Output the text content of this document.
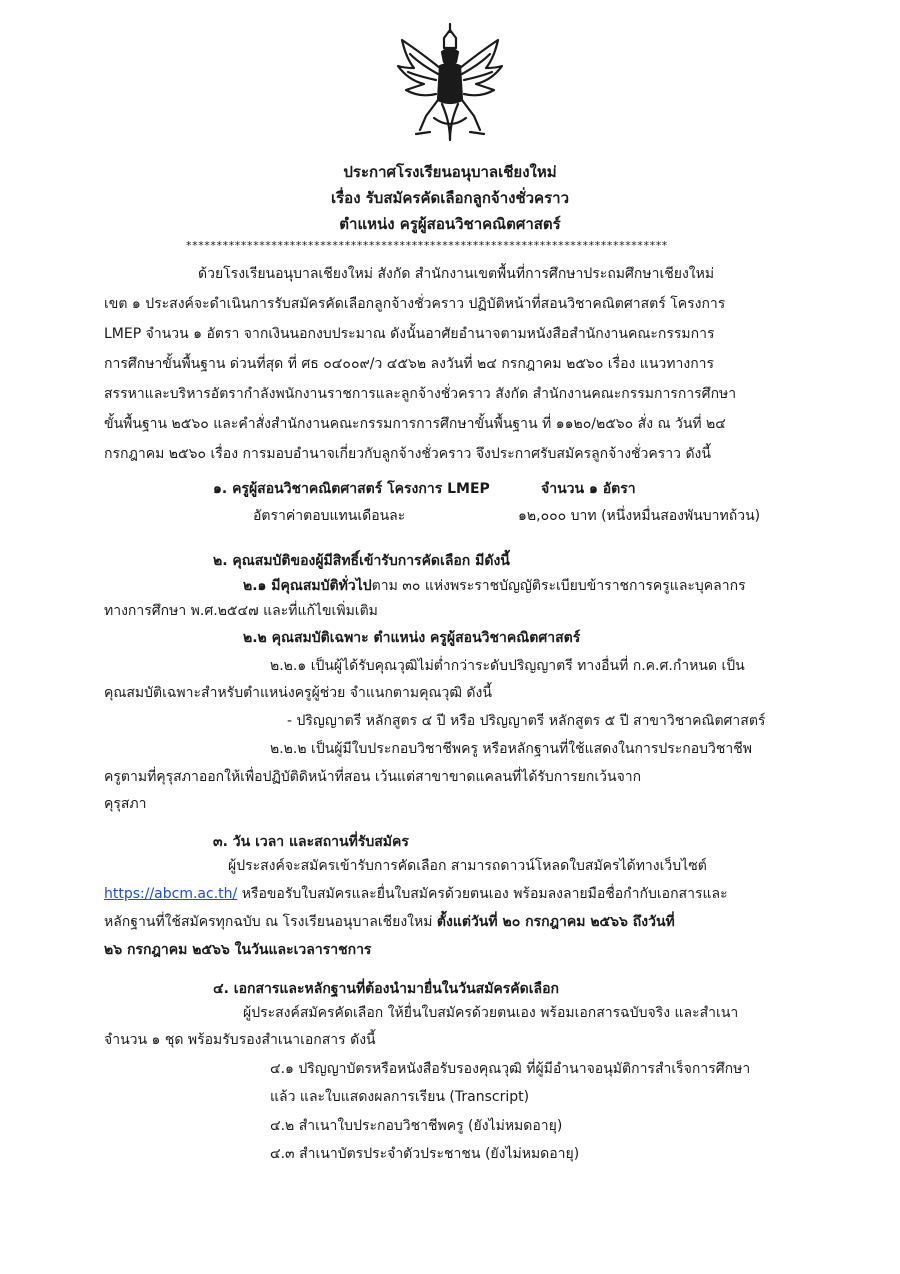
ประกาศโรงเรียนอนุบาลเชียงใหม่
เรื่อง รับสมัครคัดเลือกลูกจ้างชั่วคราว
ตำแหน่ง ครูผู้สอนวิชาคณิตศาสตร์
*******************************************************************************
ด้วยโรงเรียนอนุบาลเชียงใหม่ สังกัด สำนักงานเขตพื้นที่การศึกษาประถมศึกษาเชียงใหม่
เขต ๑ ประสงค์จะดำเนินการรับสมัครคัดเลือกลูกจ้างชั่วคราว ปฏิบัติหน้าที่สอนวิชาคณิตศาสตร์ โครงการ
LMEP จำนวน ๑ อัตรา จากเงินนอกงบประมาณ ดังนั้นอาศัยอำนาจตามหนังสือสำนักงานคณะกรรมการ
การศึกษาขั้นพื้นฐาน ด่วนที่สุด ที่ ศธ ๐๔๐๐๙/ว ๔๕๖๒ ลงวันที่ ๒๔ กรกฎาคม ๒๕๖๐ เรื่อง แนวทางการ
สรรหาและบริหารอัตรากำลังพนักงานราชการและลูกจ้างชั่วคราว สังกัด สำนักงานคณะกรรมการการศึกษา
ขั้นพื้นฐาน ๒๕๖๐ และคำสั่งสำนักงานคณะกรรมการการศึกษาขั้นพื้นฐาน ที่ ๑๑๒๐/๒๕๖๐ สั่ง ณ วันที่ ๒๔
กรกฎาคม ๒๕๖๐ เรื่อง การมอบอำนาจเกี่ยวกับลูกจ้างชั่วคราว จึงประกาศรับสมัครลูกจ้างชั่วคราว ดังนี้
๑. ครูผู้สอนวิชาคณิตศาสตร์ โครงการ LMEP	จำนวน ๑ อัตรา
อัตราค่าตอบแทนเดือนละ	๑๒,๐๐๐ บาท (หนึ่งหมื่นสองพันบาทถ้วน)
๒. คุณสมบัติของผู้มีสิทธิ์เข้ารับการคัดเลือก มีดังนี้
๒.๑ มีคุณสมบัติทั่วไปตาม ๓๐ แห่งพระราชบัญญัติระเบียบข้าราชการครูและบุคลากร
ทางการศึกษา พ.ศ.๒๕๔๗ และที่แก้ไขเพิ่มเติม
๒.๒ คุณสมบัติเฉพาะ ตำแหน่ง ครูผู้สอนวิชาคณิตศาสตร์
๒.๒.๑ เป็นผู้ได้รับคุณวุฒิไม่ต่ำกว่าระดับปริญญาตรี ทางอื่นที่ ก.ค.ศ.กำหนด เป็น
คุณสมบัติเฉพาะสำหรับตำแหน่งครูผู้ช่วย จำแนกตามคุณวุฒิ ดังนี้
- ปริญญาตรี หลักสูตร ๔ ปี หรือ ปริญญาตรี หลักสูตร ๕ ปี สาขาวิชาคณิตศาสตร์
๒.๒.๒ เป็นผู้มีใบประกอบวิชาชีพครู หรือหลักฐานที่ใช้แสดงในการประกอบวิชาชีพ
ครูตามที่คุรุสภาออกให้เพื่อปฏิบัติดิหน้าที่สอน เว้นแต่สาขาขาดแคลนที่ได้รับการยกเว้นจาก
คุรุสภา
๓. วัน เวลา และสถานที่รับสมัคร
ผู้ประสงค์จะสมัครเข้ารับการคัดเลือก สามารถดาวน์โหลดใบสมัครได้ทางเว็บไซต์
https://abcm.ac.th/ หรือขอรับใบสมัครและยื่นใบสมัครด้วยตนเอง พร้อมลงลายมือชื่อกำกับเอกสารและ
หลักฐานที่ใช้สมัครทุกฉบับ ณ โรงเรียนอนุบาลเชียงใหม่ ตั้งแต่วันที่ ๒๐ กรกฎาคม ๒๕๖๖ ถึงวันที่
๒๖ กรกฎาคม ๒๕๖๖ ในวันและเวลาราชการ
๔. เอกสารและหลักฐานที่ต้องนำมายื่นในวันสมัครคัดเลือก
ผู้ประสงค์สมัครคัดเลือก ให้ยื่นใบสมัครด้วยตนเอง พร้อมเอกสารฉบับจริง และสำเนา
จำนวน ๑ ชุด พร้อมรับรองสำเนาเอกสาร ดังนี้
๔.๑ ปริญญาบัตรหรือหนังสือรับรองคุณวุฒิ ที่ผู้มีอำนาจอนุมัติการสำเร็จการศึกษา
แล้ว และใบแสดงผลการเรียน (Transcript)
๔.๒ สำเนาใบประกอบวิชาชีพครู (ยังไม่หมดอายุ)
๔.๓ สำเนาบัตรประจำตัวประชาชน (ยังไม่หมดอายุ)
